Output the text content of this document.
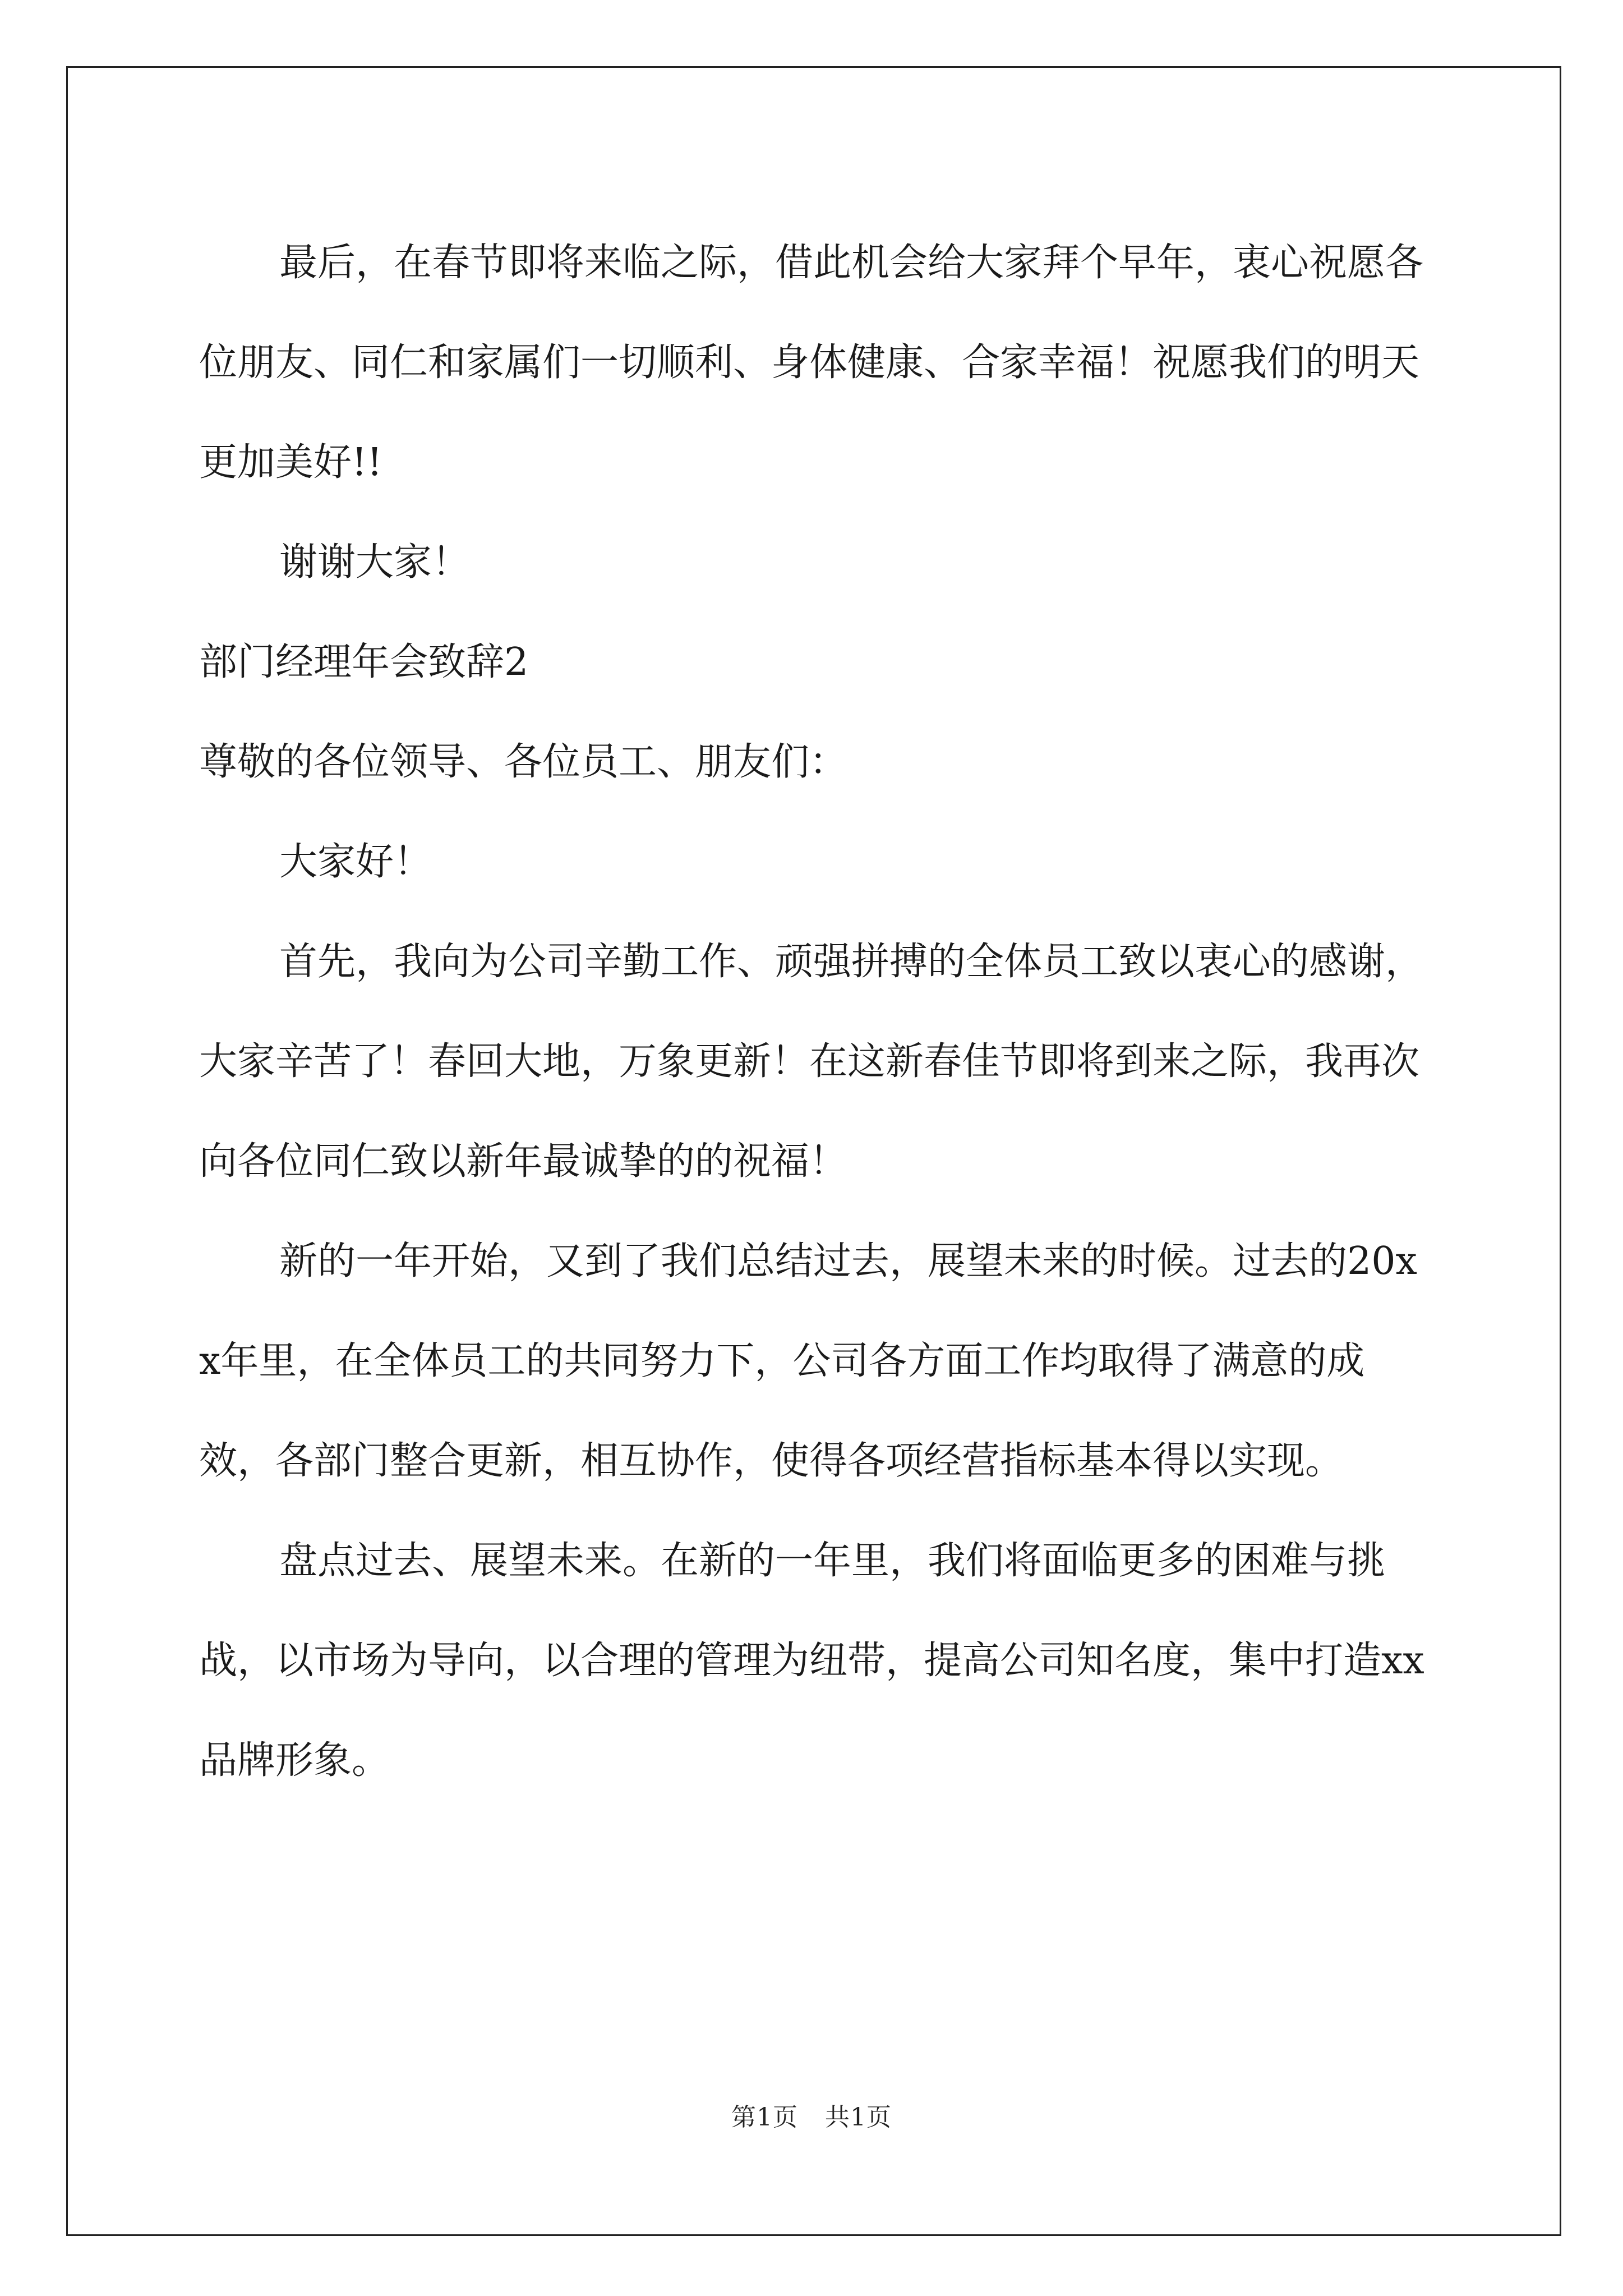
最后，在春节即将来临之际，借此机会给大家拜个早年，衷心祝愿各位朋友、同仁和家属们一切顺利、身体健康、合家幸福！祝愿我们的明天更加美好!!

谢谢大家！

部门经理年会致辞2

尊敬的各位领导、各位员工、朋友们：

大家好！

首先，我向为公司辛勤工作、顽强拼搏的全体员工致以衷心的感谢，大家辛苦了！春回大地，万象更新！在这新春佳节即将到来之际，我再次向各位同仁致以新年最诚挚的的祝福！

新的一年开始，又到了我们总结过去，展望未来的时候。过去的20xx年里，在全体员工的共同努力下，公司各方面工作均取得了满意的成效，各部门整合更新，相互协作，使得各项经营指标基本得以实现。

盘点过去、展望未来。在新的一年里，我们将面临更多的困难与挑战，以市场为导向，以合理的管理为纽带，提高公司知名度，集中打造xx品牌形象。

第1页 共1页
